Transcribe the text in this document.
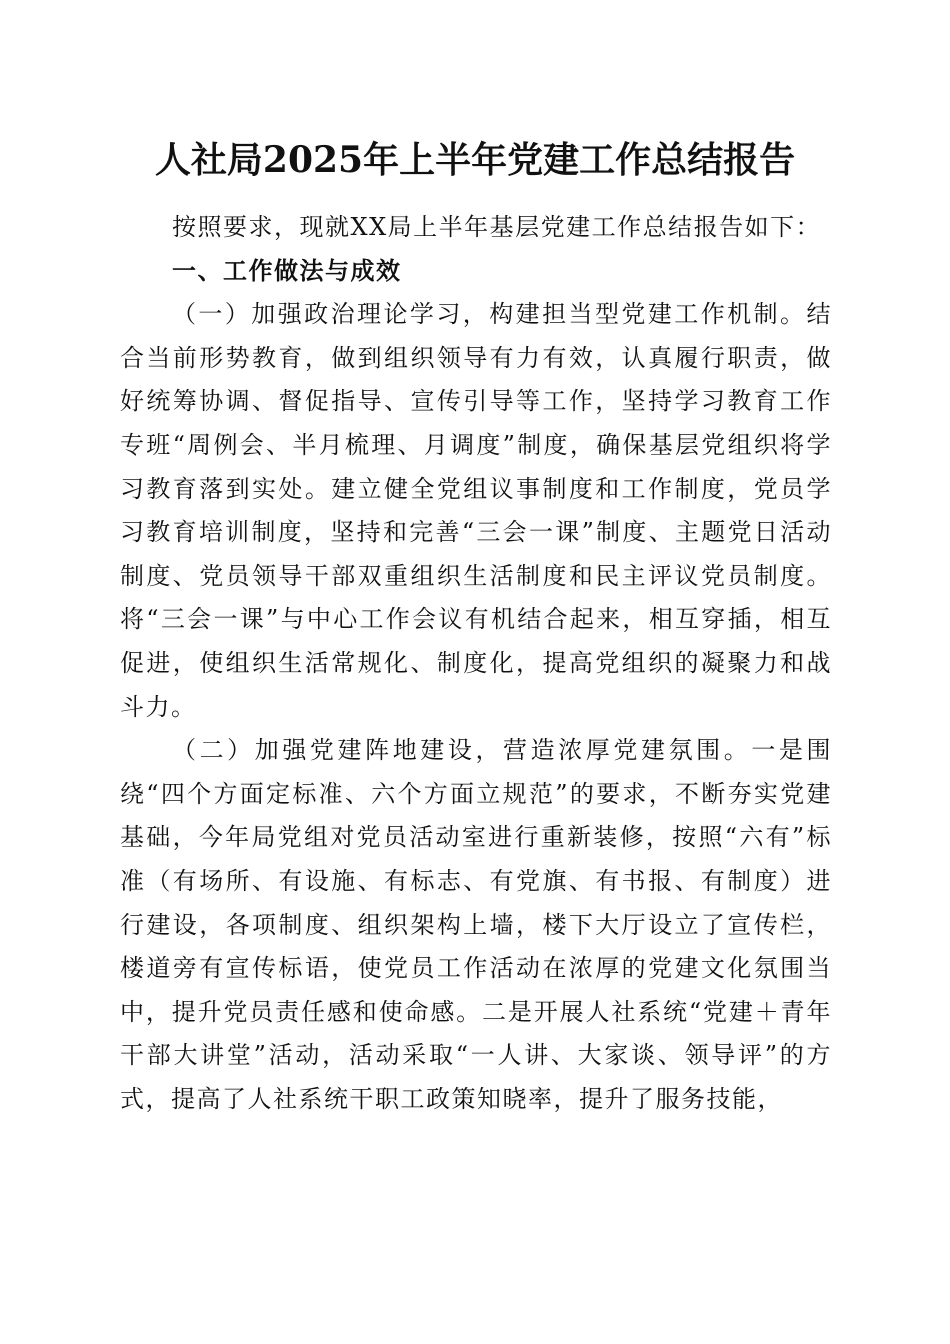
人社局2025年上半年党建工作总结报告

按照要求，现就XX局上半年基层党建工作总结报告如下：

一、工作做法与成效

（一）加强政治理论学习，构建担当型党建工作机制。结合当前形势教育，做到组织领导有力有效，认真履行职责，做好统筹协调、督促指导、宣传引导等工作，坚持学习教育工作专班“周例会、半月梳理、月调度”制度，确保基层党组织将学习教育落到实处。建立健全党组议事制度和工作制度，党员学习教育培训制度，坚持和完善“三会一课”制度、主题党日活动制度、党员领导干部双重组织生活制度和民主评议党员制度。将“三会一课”与中心工作会议有机结合起来，相互穿插，相互促进，使组织生活常规化、制度化，提高党组织的凝聚力和战斗力。

（二）加强党建阵地建设，营造浓厚党建氛围。一是围绕“四个方面定标准、六个方面立规范”的要求，不断夯实党建基础，今年局党组对党员活动室进行重新装修，按照“六有”标准（有场所、有设施、有标志、有党旗、有书报、有制度）进行建设，各项制度、组织架构上墙，楼下大厅设立了宣传栏，楼道旁有宣传标语，使党员工作活动在浓厚的党建文化氛围当中，提升党员责任感和使命感。二是开展人社系统“党建＋青年干部大讲堂”活动，活动采取“一人讲、大家谈、领导评”的方式，提高了人社系统干职工政策知晓率，提升了服务技能，
